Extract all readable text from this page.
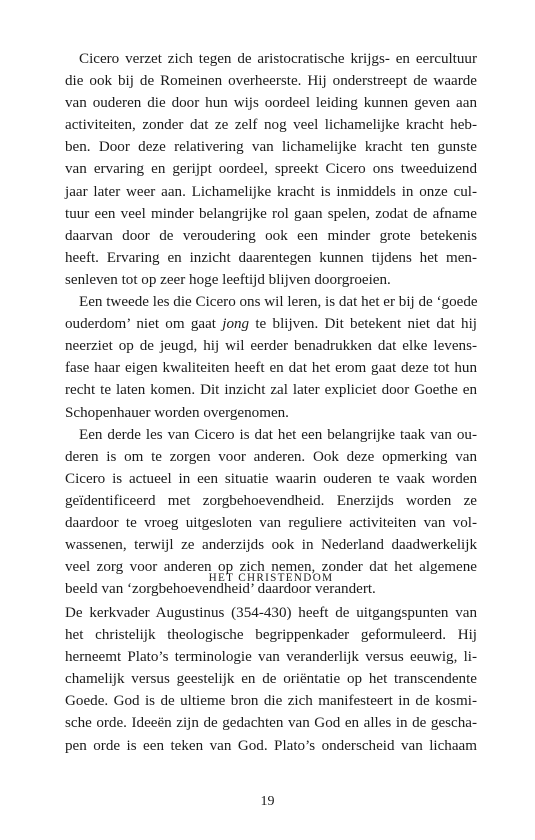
Cicero verzet zich tegen de aristocratische krijgs- en eercultuur
die ook bij de Romeinen overheerste. Hij onderstreept de waarde
van ouderen die door hun wijs oordeel leiding kunnen geven aan
activiteiten, zonder dat ze zelf nog veel lichamelijke kracht heb-
ben. Door deze relativering van lichamelijke kracht ten gunste
van ervaring en gerijpt oordeel, spreekt Cicero ons tweeduizend
jaar later weer aan. Lichamelijke kracht is inmiddels in onze cul-
tuur een veel minder belangrijke rol gaan spelen, zodat de afname
daarvan door de veroudering ook een minder grote betekenis
heeft. Ervaring en inzicht daarentegen kunnen tijdens het men-
senleven tot op zeer hoge leeftijd blijven doorgroeien.
Een tweede les die Cicero ons wil leren, is dat het er bij de ‘goede
ouderdom’ niet om gaat jong te blijven. Dit betekent niet dat hij
neerziet op de jeugd, hij wil eerder benadrukken dat elke levens-
fase haar eigen kwaliteiten heeft en dat het erom gaat deze tot hun
recht te laten komen. Dit inzicht zal later expliciet door Goethe en
Schopenhauer worden overgenomen.
Een derde les van Cicero is dat het een belangrijke taak van ou-
deren is om te zorgen voor anderen. Ook deze opmerking van
Cicero is actueel in een situatie waarin ouderen te vaak worden
geïdentificeerd met zorgbehoevendheid. Enerzijds worden ze
daardoor te vroeg uitgesloten van reguliere activiteiten van vol-
wassenen, terwijl ze anderzijds ook in Nederland daadwerkelijk
veel zorg voor anderen op zich nemen, zonder dat het algemene
beeld van ‘zorgbehoevendheid’ daardoor verandert.
HET CHRISTENDOM
De kerkvader Augustinus (354-430) heeft de uitgangspunten van
het christelijk theologische begrippenkader geformuleerd. Hij
herneemt Plato’s terminologie van veranderlijk versus eeuwig, li-
chamelijk versus geestelijk en de oriëntatie op het transcendente
Goede. God is de ultieme bron die zich manifesteert in de kosmi-
sche orde. Ideeën zijn de gedachten van God en alles in de gescha-
pen orde is een teken van God. Plato’s onderscheid van lichaam
19
